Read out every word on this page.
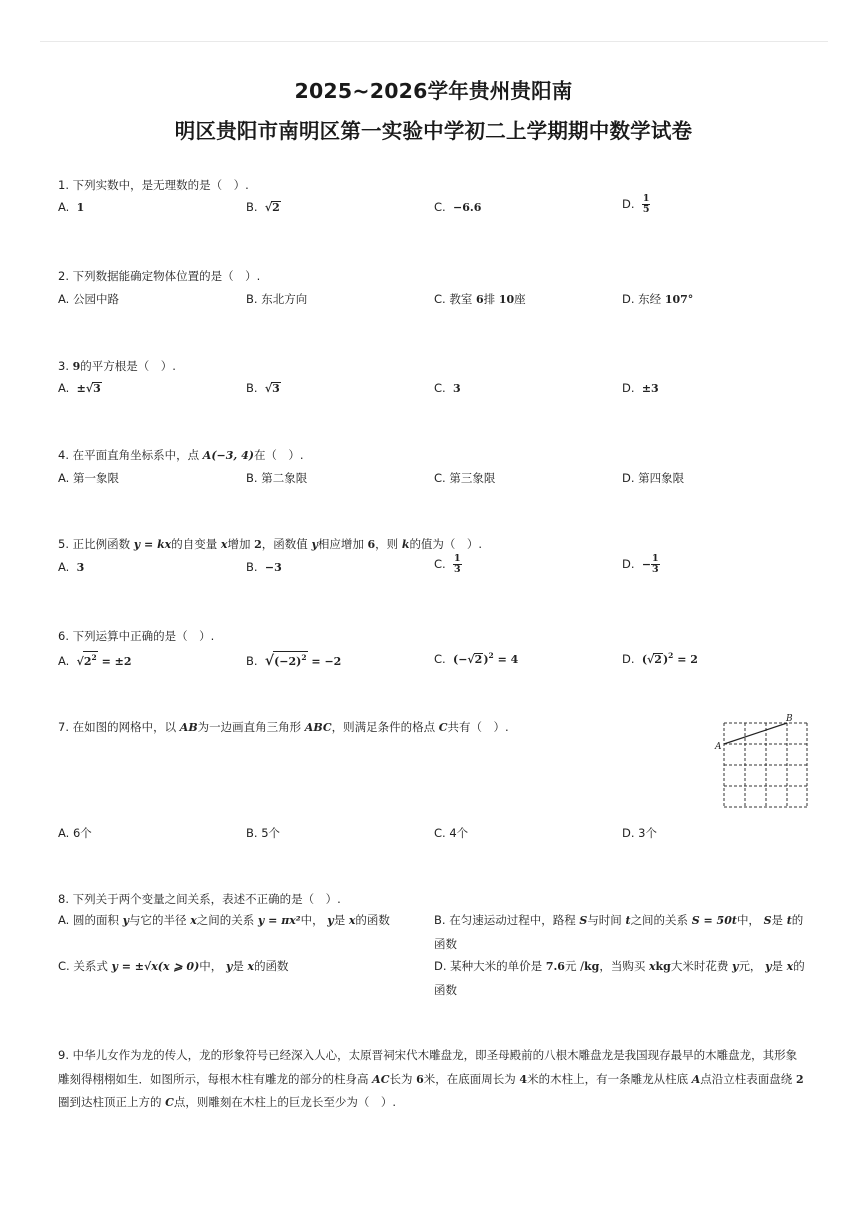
2025~2026学年贵州贵阳南
明区贵阳市南明区第一实验中学初二上学期期中数学试卷
1. 下列实数中，是无理数的是（　）.
A. 1	B. √2	C. −6.6	D. $\frac{1}{5}$
2. 下列数据能确定物体位置的是（　）.
A. 公园中路	B. 东北方向	C. 教室 6排 10座	D. 东经 107°
3. 9的平方根是（　）.
A. ±√3	B. √3	C. 3	D. ±3
4. 在平面直角坐标系中，点 A(−3, 4)在（　）.
A. 第一象限	B. 第二象限	C. 第三象限	D. 第四象限
5. 正比例函数 y = kx的自变量 x增加 2，函数值 y相应增加 6，则 k的值为（　）.
A. 3	B. −3	C. $\frac{1}{3}$	D. − $\frac{1}{3}$
6. 下列运算中正确的是（　）.
A. $√2^2 = \pm 2$	B. $√(-2)^2 = -2$	C. $(-√2)^2 = 4$	D. $(√2)^2 = 2$
7. 在如图的网格中，以 AB为一边画直角三角形 ABC，则满足条件的格点 C共有（　）.
A
B
A. 6个	B. 5个	C. 4个	D. 3个
8. 下列关于两个变量之间关系，表述不正确的是（　）.
A. 圆的面积 y与它的半径 x之间的关系 y = πx²中， y是 x的函数	B. 在匀速运动过程中，路程 S与时间 t之间的关系 S = 50t中， S是 t的函数
C. 关系式 y = ±√x(x ⩾ 0)中， y是 x的函数	D. 某种大米的单价是 7.6元 /kg，当购买 xkg大米时花费 y元， y是 x的函数
9. 中华儿女作为龙的传人，龙的形象符号已经深入人心，太原晋祠宋代木雕盘龙，即圣母殿前的八根木雕盘龙是我国现存最早的木雕盘龙，其形象雕刻得栩栩如生．如图所示，每根木柱有雕龙的部分的柱身高 AC长为 6米，在底面周长为 4米的木柱上，有一条雕龙从柱底 A点沿立柱表面盘绕 2圈到达柱顶正上方的 C点，则雕刻在木柱上的巨龙长至少为（　）.
